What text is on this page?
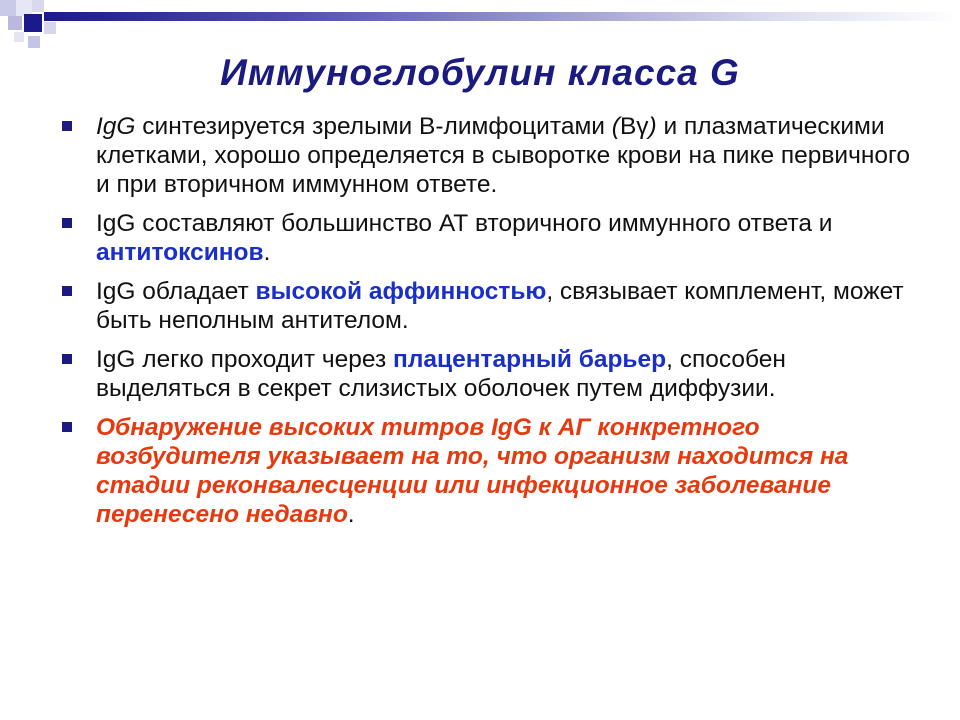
Иммуноглобулин класса G
IgG синтезируется зрелыми В-лимфоцитами (Вγ) и плазматическими клетками, хорошо определяется в сыворотке крови на пике первичного и при вторичном иммунном ответе.
IgG составляют большинство АТ вторичного иммунного ответа и антитоксинов.
IgG обладает высокой аффинностью, связывает комплемент, может быть неполным антителом.
IgG легко проходит через плацентарный барьер, способен выделяться в секрет слизистых оболочек путем диффузии.
Обнаружение высоких титров IgG к АГ конкретного возбудителя указывает на то, что организм находится на стадии реконвалесценции или инфекционное заболевание перенесено недавно.
